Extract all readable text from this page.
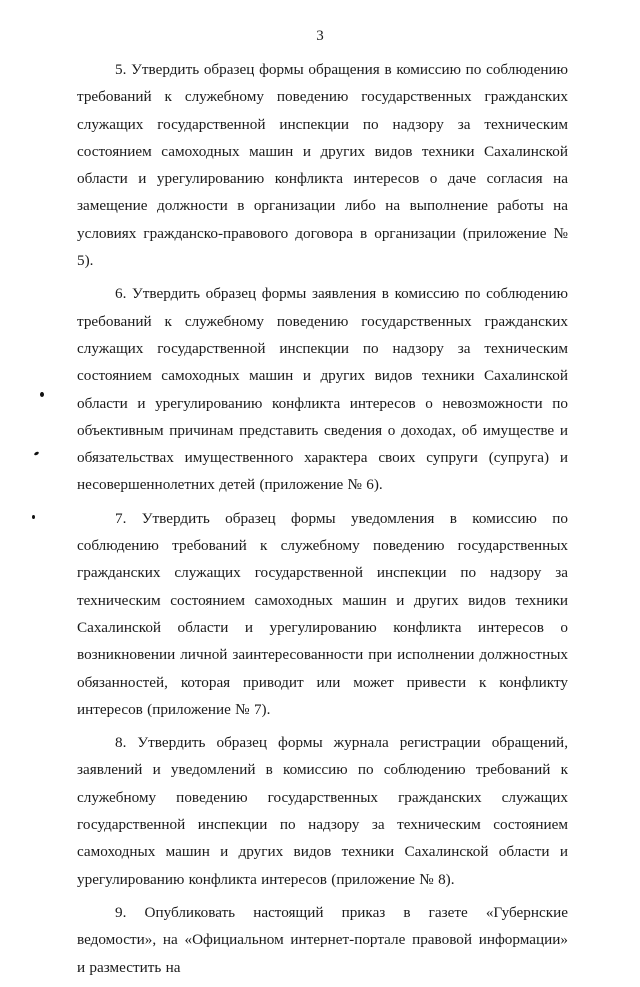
3

5. Утвердить образец формы обращения в комиссию по соблюдению требований к служебному поведению государственных гражданских служащих государственной инспекции по надзору за техническим состоянием самоходных машин и других видов техники Сахалинской области и урегулированию конфликта интересов о даче согласия на замещение должности в организации либо на выполнение работы на условиях гражданско-правового договора в организации (приложение № 5).

6. Утвердить образец формы заявления в комиссию по соблюдению требований к служебному поведению государственных гражданских служащих государственной инспекции по надзору за техническим состоянием самоходных машин и других видов техники Сахалинской области и урегулированию конфликта интересов о невозможности по объективным причинам представить сведения о доходах, об имуществе и обязательствах имущественного характера своих супруги (супруга) и несовершеннолетних детей (приложение № 6).

7. Утвердить образец формы уведомления в комиссию по соблюдению требований к служебному поведению государственных гражданских служащих государственной инспекции по надзору за техническим состоянием самоходных машин и других видов техники Сахалинской области и урегулированию конфликта интересов о возникновении личной заинтересованности при исполнении должностных обязанностей, которая приводит или может привести к конфликту интересов (приложение № 7).

8. Утвердить образец формы журнала регистрации обращений, заявлений и уведомлений в комиссию по соблюдению требований к служебному поведению государственных гражданских служащих государственной инспекции по надзору за техническим состоянием самоходных машин и других видов техники Сахалинской области и урегулированию конфликта интересов (приложение № 8).

9. Опубликовать настоящий приказ в газете «Губернские ведомости», на «Официальном интернет-портале правовой информации» и разместить на
